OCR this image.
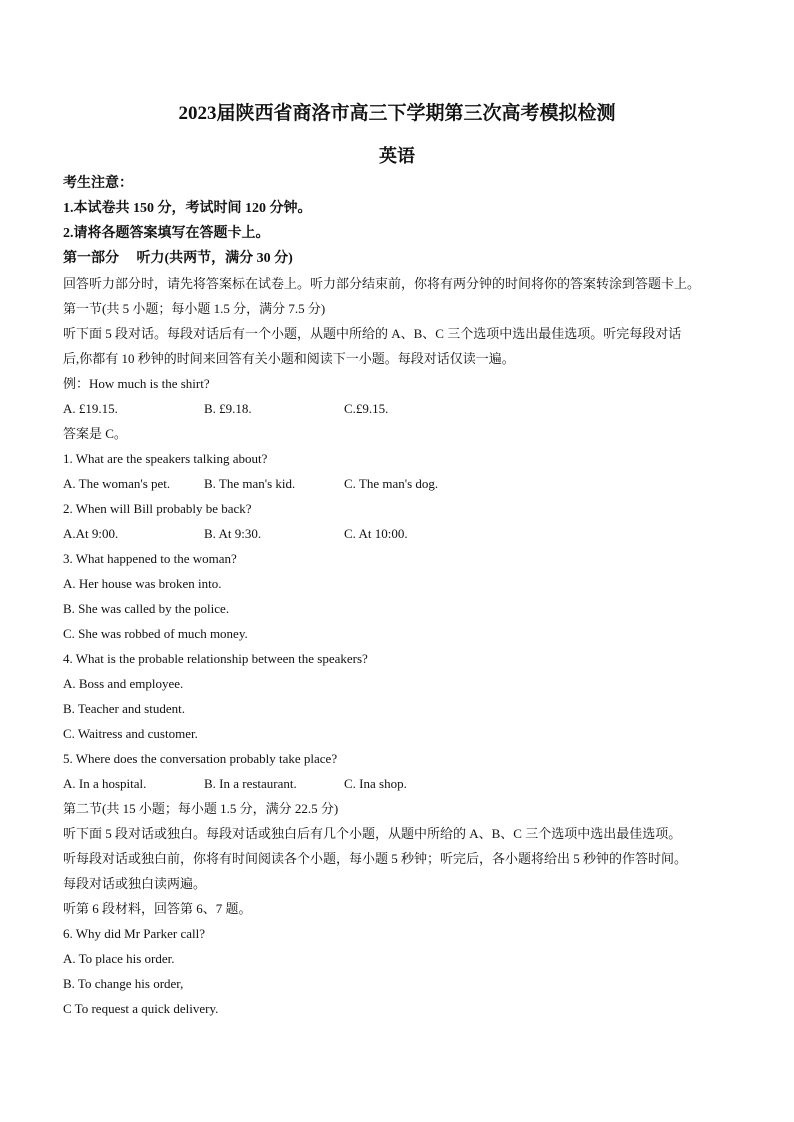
2023届陕西省商洛市高三下学期第三次高考模拟检测
英语
考生注意：
1.本试卷共 150 分，考试时间 120 分钟。
2.请将各题答案填写在答题卡上。
第一部分　 听力(共两节，满分 30 分)
回答听力部分时，请先将答案标在试卷上。听力部分结束前，你将有两分钟的时间将你的答案转涂到答题卡上。
第一节(共 5 小题；每小题 1.5 分，满分 7.5 分)
听下面 5 段对话。每段对话后有一个小题，从题中所给的 A、B、C 三个选项中选出最佳选项。听完每段对话
后,你都有 10 秒钟的时间来回答有关小题和阅读下一小题。每段对话仅读一遍。
例：How much is the shirt?
A. £19.15.	B. £9.18.	C.£9.15.
答案是 C。
1. What are the speakers talking about?
A. The woman's pet.	B. The man's kid.	C. The man's dog.
2. When will Bill probably be back?
A.At 9:00.	B. At 9:30.	C. At 10:00.
3. What happened to the woman?
A. Her house was broken into.
B. She was called by the police.
C. She was robbed of much money.
4. What is the probable relationship between the speakers?
A. Boss and employee.
B. Teacher and student.
C. Waitress and customer.
5. Where does the conversation probably take place?
A. In a hospital.	B. In a restaurant.	C. Ina shop.
第二节(共 15 小题；每小题 1.5 分，满分 22.5 分)
听下面 5 段对话或独白。每段对话或独白后有几个小题，从题中所给的 A、B、C 三个选项中选出最佳选项。
听每段对话或独白前，你将有时间阅读各个小题，每小题 5 秒钟；听完后，各小题将给出 5 秒钟的作答时间。
每段对话或独白读两遍。
听第 6 段材料，回答第 6、7 题。
6. Why did Mr Parker call?
A. To place his order.
B. To change his order,
C To request a quick delivery.
